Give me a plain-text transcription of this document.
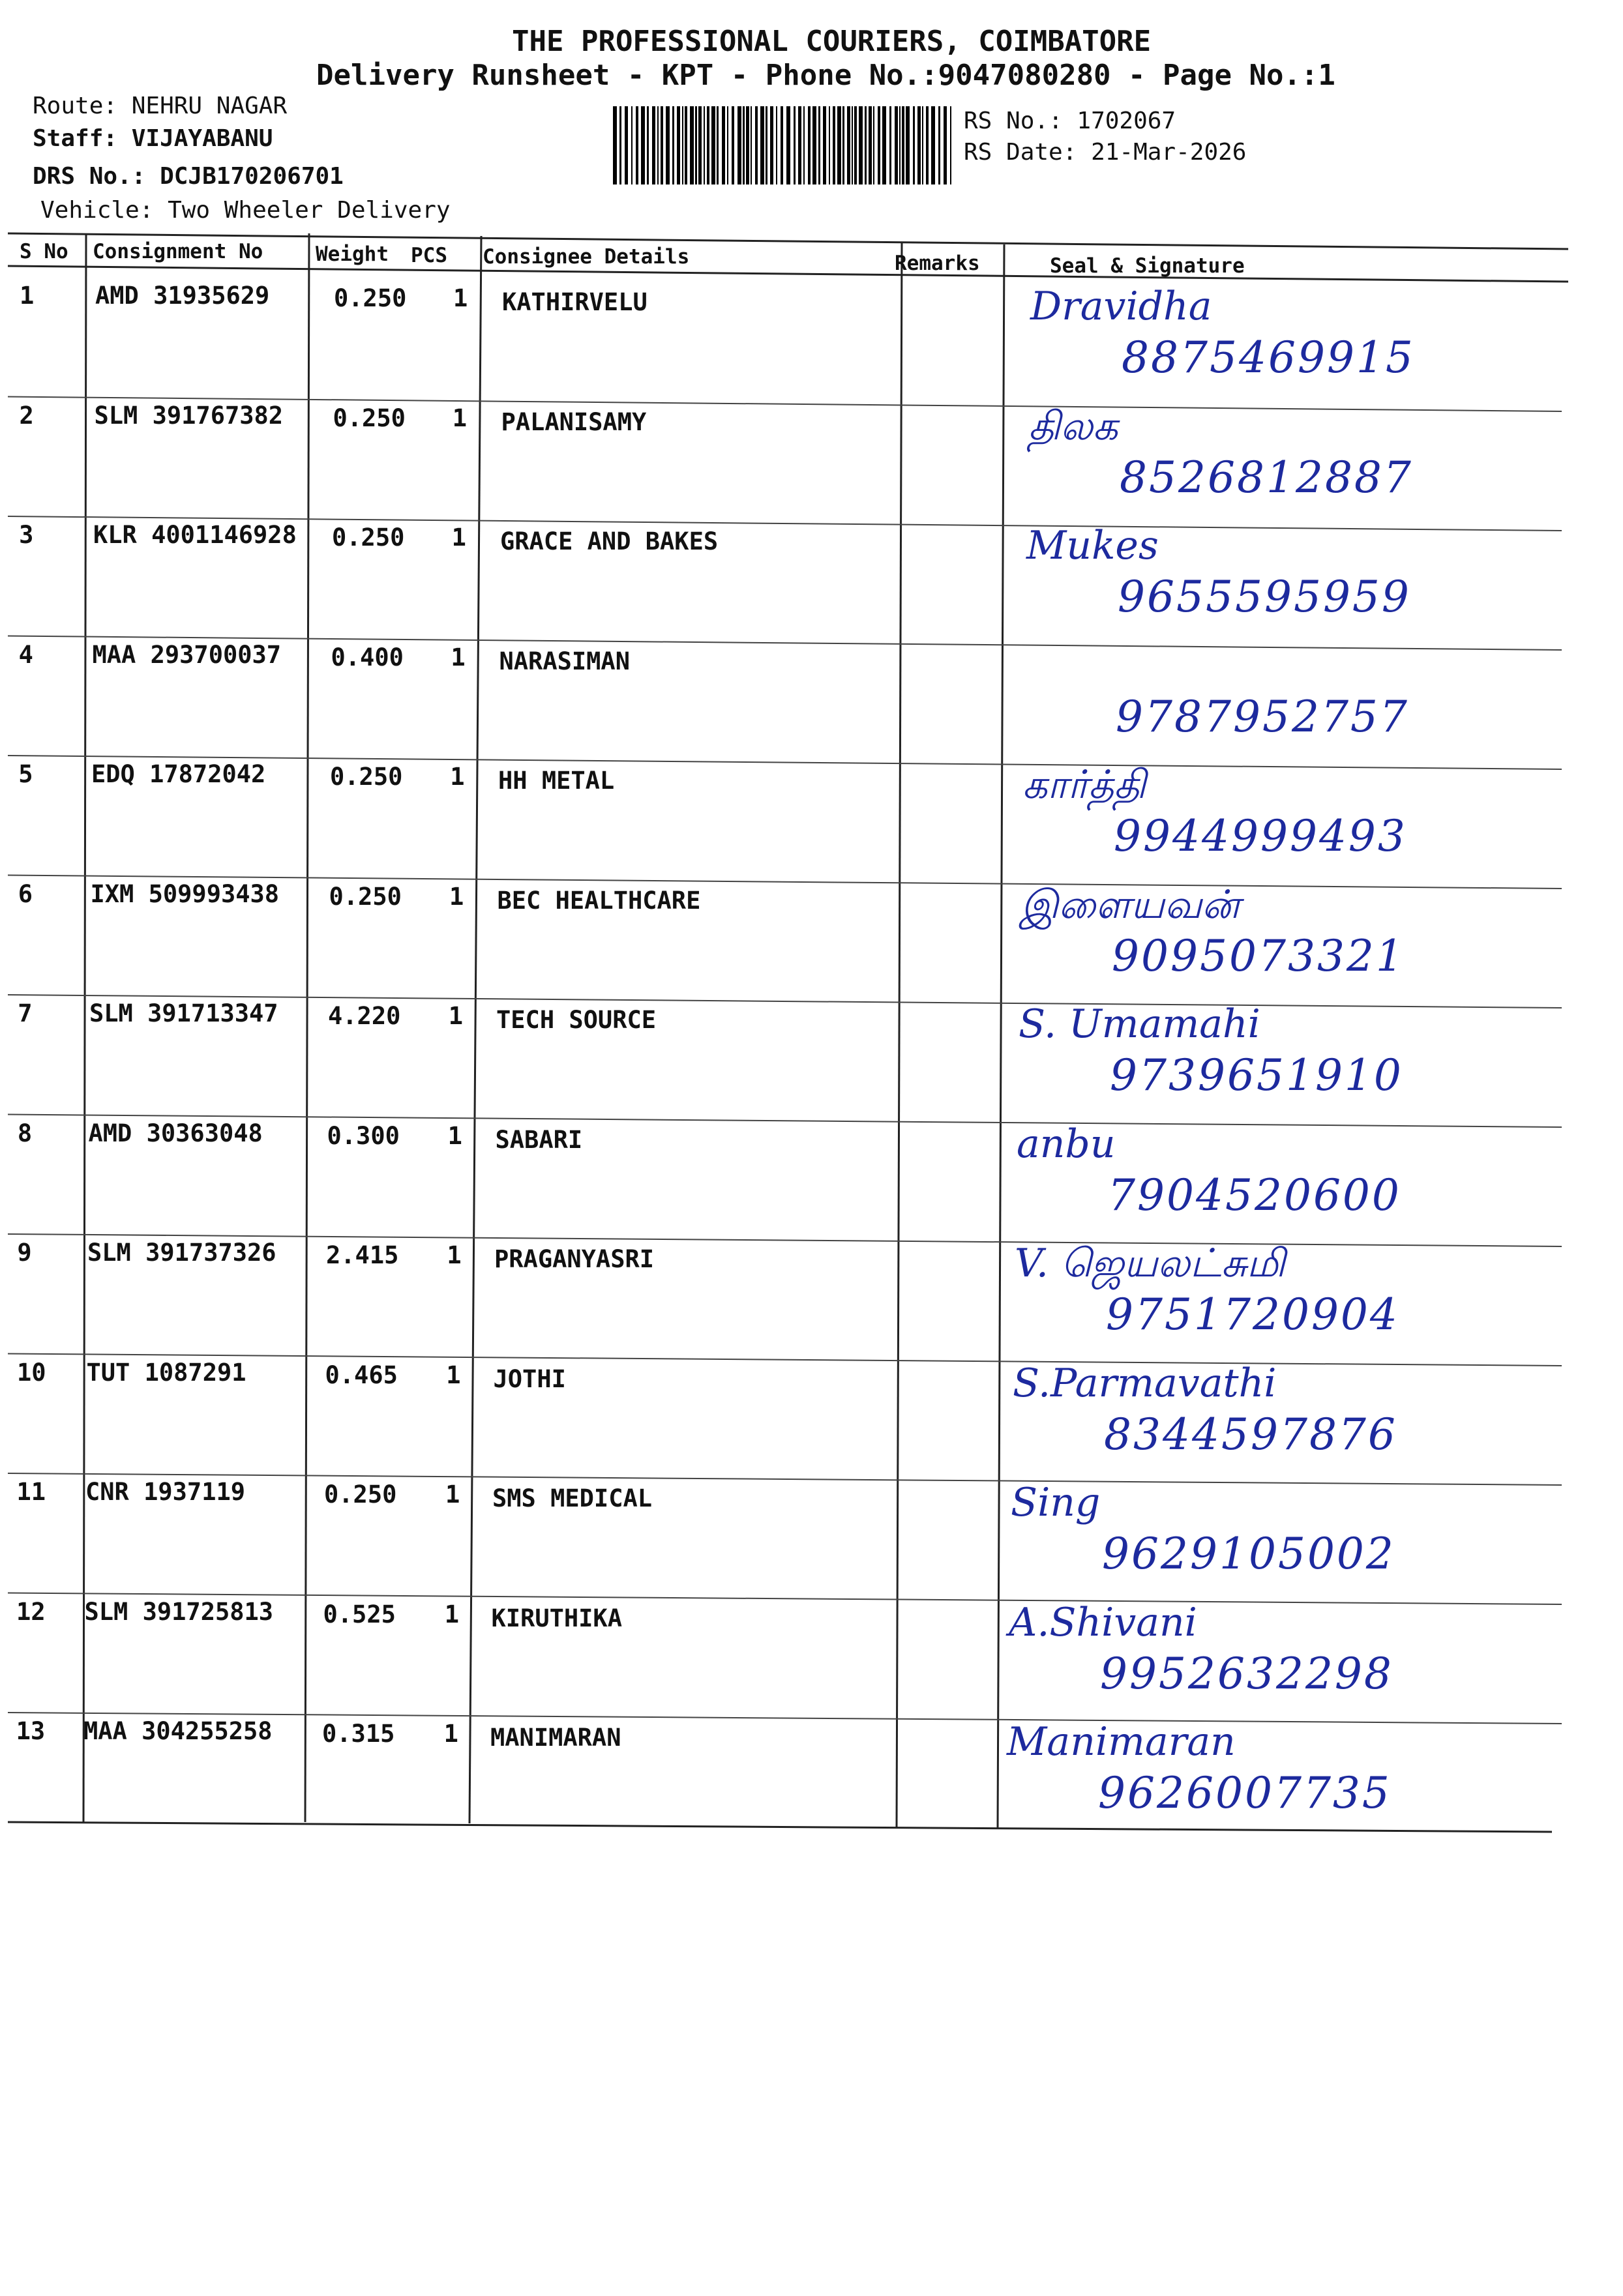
THE PROFESSIONAL COURIERS, COIMBATORE
Delivery Runsheet - KPT - Phone No.:9047080280 - Page No.:1
Route: NEHRU NAGAR
Staff: VIJAYABANU
DRS No.: DCJB170206701
Vehicle: Two Wheeler Delivery
RS No.: 1702067
RS Date: 21-Mar-2026
S No Consignment No	Weight PCS Consignee Details	Remarks	Seal & Signature
1	AMD 31935629	0.250 1 KATHIRVELU	Dravidha
8875469915
2	SLM 391767382 0.250 1 PALANISAMY	திலக
8526812887
3 KLR 4001146928 0.250 1 GRACE AND BAKES	Mukes
9655595959
4 MAA 293700037 0.400 1 NARASIMAN
9787952757
5 EDQ 17872042	0.250 1 HH METAL	கார்த்தி
9944999493
6 IXM 509993438 0.250 1 BEC HEALTHCARE	இளையவன்
9095073321
7 SLM 391713347 4.220 1 TECH SOURCE	S. Umamahi
9739651910
8 AMD 30363048	0.300 1 SABARI	anbu
7904520600
9 SLM 391737326 2.415 1 PRAGANYASRI	V. ஜெயலட்சுமி
9751720904
10 TUT 1087291	0.465 1 JOTHI	S.Parmavathi
8344597876
11 CNR 1937119	0.250 1 SMS MEDICAL	Sing
9629105002
12 SLM 391725813 0.525 1 KIRUTHIKA	A.Shivani
9952632298
13 MAA 304255258 0.315 1 MANIMARAN	Manimaran
9626007735
